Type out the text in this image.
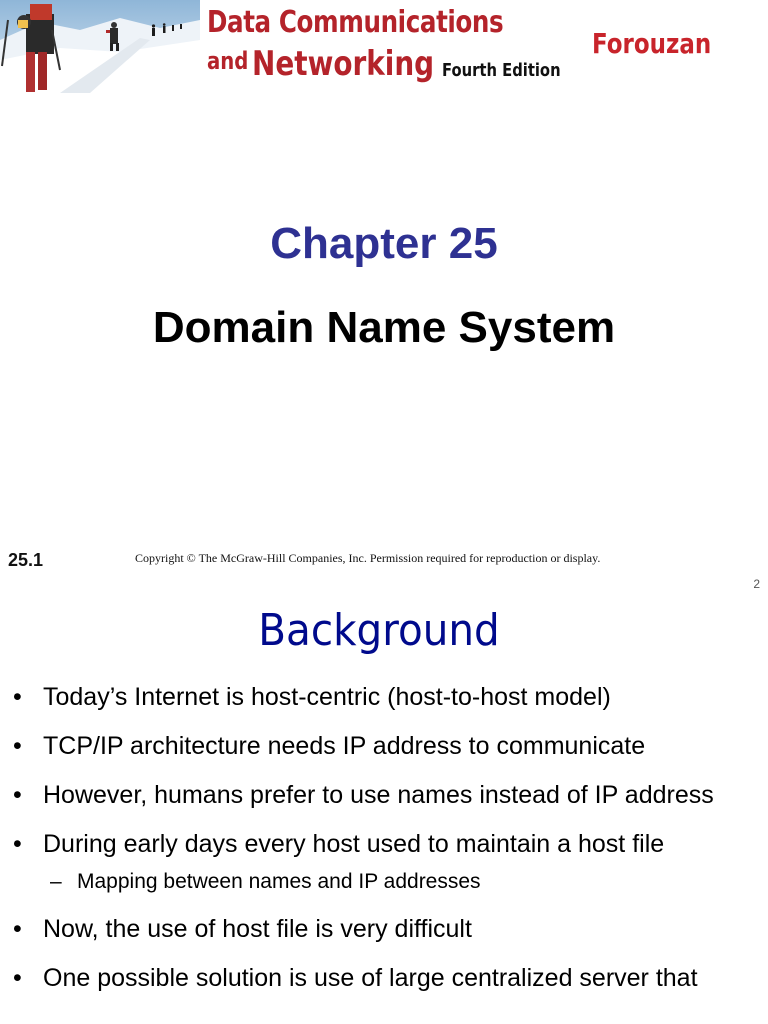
Data Communications
and Networking Fourth Edition
Forouzan
Chapter 25
Domain Name System
25.1	Copyright © The McGraw-Hill Companies, Inc. Permission required for reproduction or display.
2
Background
• Today’s Internet is host-centric (host-to-host model)
• TCP/IP architecture needs IP address to communicate
• However, humans prefer to use names instead of IP address
• During early days every host used to maintain a host file
– Mapping between names and IP addresses
• Now, the use of host file is very difficult
• One possible solution is use of large centralized server that
